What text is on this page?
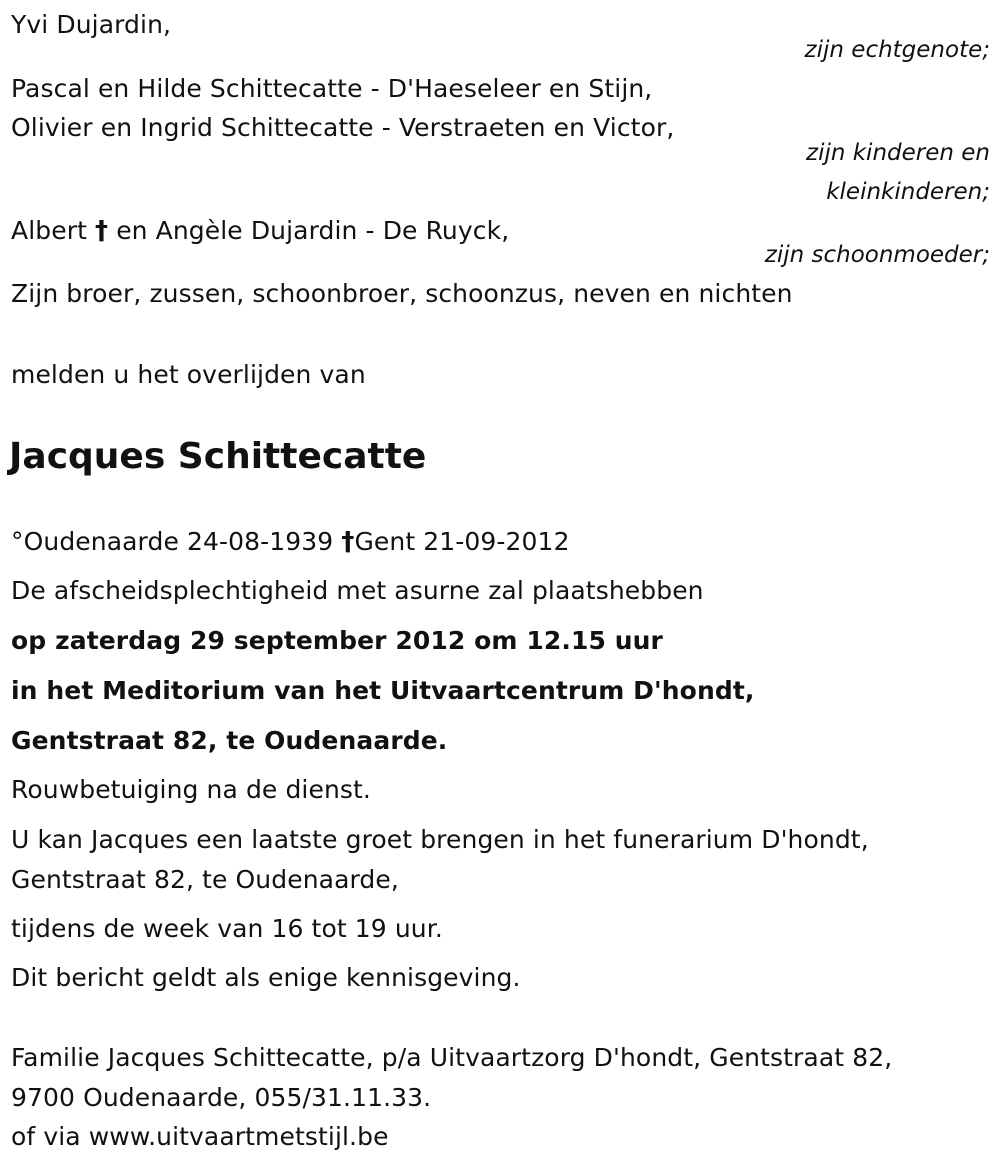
Yvi Dujardin,
zijn echtgenote;
Pascal en Hilde Schittecatte - D'Haeseleer en Stijn,
Olivier en Ingrid Schittecatte - Verstraeten en Victor,
zijn kinderen en
kleinkinderen;
Albert † en Angèle Dujardin - De Ruyck,
zijn schoonmoeder;
Zijn broer, zussen, schoonbroer, schoonzus, neven en nichten
melden u het overlijden van
Jacques Schittecatte
°Oudenaarde 24-08-1939 †Gent 21-09-2012
De afscheidsplechtigheid met asurne zal plaatshebben
op zaterdag 29 september 2012 om 12.15 uur
in het Meditorium van het Uitvaartcentrum D'hondt,
Gentstraat 82, te Oudenaarde.
Rouwbetuiging na de dienst.
U kan Jacques een laatste groet brengen in het funerarium D'hondt,
Gentstraat 82, te Oudenaarde,
tijdens de week van 16 tot 19 uur.
Dit bericht geldt als enige kennisgeving.
Familie Jacques Schittecatte, p/a Uitvaartzorg D'hondt, Gentstraat 82,
9700 Oudenaarde, 055/31.11.33.
of via www.uitvaartmetstijl.be
